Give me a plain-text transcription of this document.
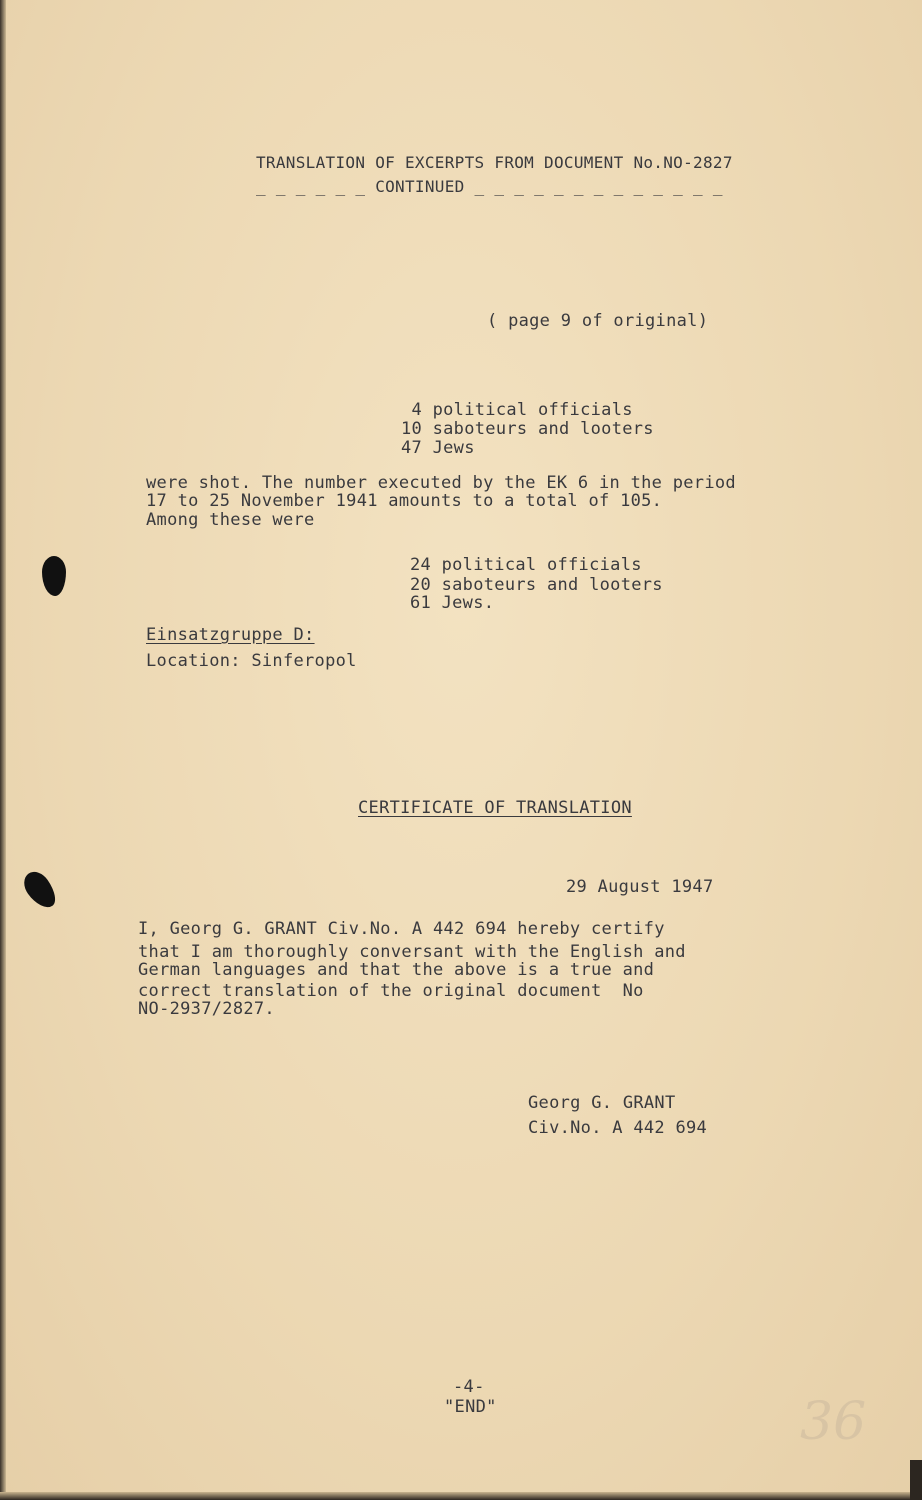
TRANSLATION OF EXCERPTS FROM DOCUMENT No.NO-2827
_ _ _ _ _ _ CONTINUED _ _ _ _ _ _ _ _ _ _ _ _ _
( page 9 of original)
4 political officials
10 saboteurs and looters
47 Jews
were shot. The number executed by the EK 6 in the period
17 to 25 November 1941 amounts to a total of 105.
Among these were
24 political officials
20 saboteurs and looters
61 Jews.
Einsatzgruppe D:
Location: Sinferopol
CERTIFICATE OF TRANSLATION
29 August 1947
I, Georg G. GRANT Civ.No. A 442 694 hereby certify
that I am thoroughly conversant with the English and
German languages and that the above is a true and
correct translation of the original document  No
NO-2937/2827.
Georg G. GRANT
Civ.No. A 442 694
-4-
"END"	36
